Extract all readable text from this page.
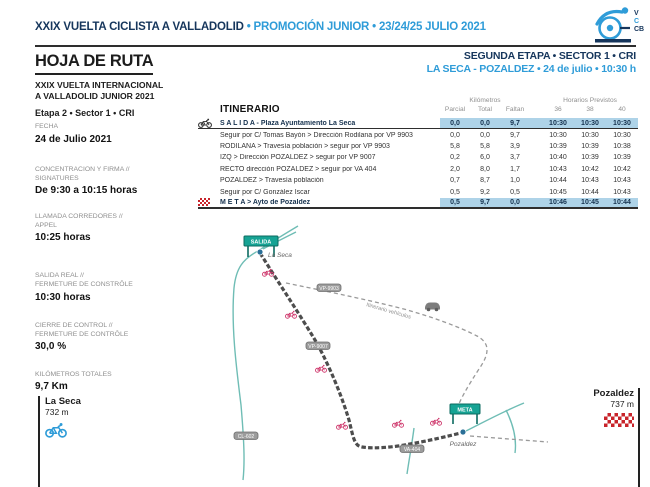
XXIX VUELTA CICLISTA A VALLADOLID • PROMOCIÓN JUNIOR • 23/24/25 JULIO 2021
V
C
CB
SEGUNDA ETAPA • SECTOR 1 • CRI
LA SECA - POZALDEZ • 24 de julio • 10:30 h
HOJA DE RUTA
XXIX VUELTA INTERNACIONAL
A VALLADOLID JUNIOR 2021
Etapa 2 • Sector 1 • CRI
FECHA
24 de Julio 2021
CONCENTRACION Y FIRMA //
SIGNATURES
De 9:30 a 10:15 horas
LLAMADA CORREDORES //
APPEL
10:25 horas
SALIDA REAL //
FERMETURE DE CONSTRÔLE
10:30 horas
CIERRE DE CONTROL //
FERMETURE DE CONTRÔLE
30,0 %
KILÓMETROS TOTALES
9,7 Km
Kilómetros	Horarios Previstos
ITINERARIO	Parcial	Total	Faltan	36	38	40
S A L I D A - Plaza Ayuntamiento La Seca	0,0	0,0	9,7	10:30	10:30	10:30
Seguir por C/ Tomas Bayón > Dirección Rodilana por VP 9903	0,0	0,0	9,7	10:30	10:30	10:30
RODILANA > Travesía población > seguir por VP 9903	5,8	5,8	3,9	10:39	10:39	10:38
IZQ > Dirección POZALDEZ > seguir por VP 9007	0,2	6,0	3,7	10:40	10:39	10:39
RECTO dirección POZALDEZ > seguir por VA 404	2,0	8,0	1,7	10:43	10:42	10:42
POZALDEZ > Travesía población	0,7	8,7	1,0	10:44	10:43	10:43
Seguir por C/ González Iscar	0,5	9,2	0,5	10:45	10:44	10:43
M E T A > Ayto de Pozaldez	0,5	9,7	0,0	10:46	10:45	10:44
Itinerario vehículos
VP-9903
VP-9007
CL-602
VA-404
SALIDA
La Seca
META
Pozaldez
La Seca
732 m
Pozaldez
737 m
